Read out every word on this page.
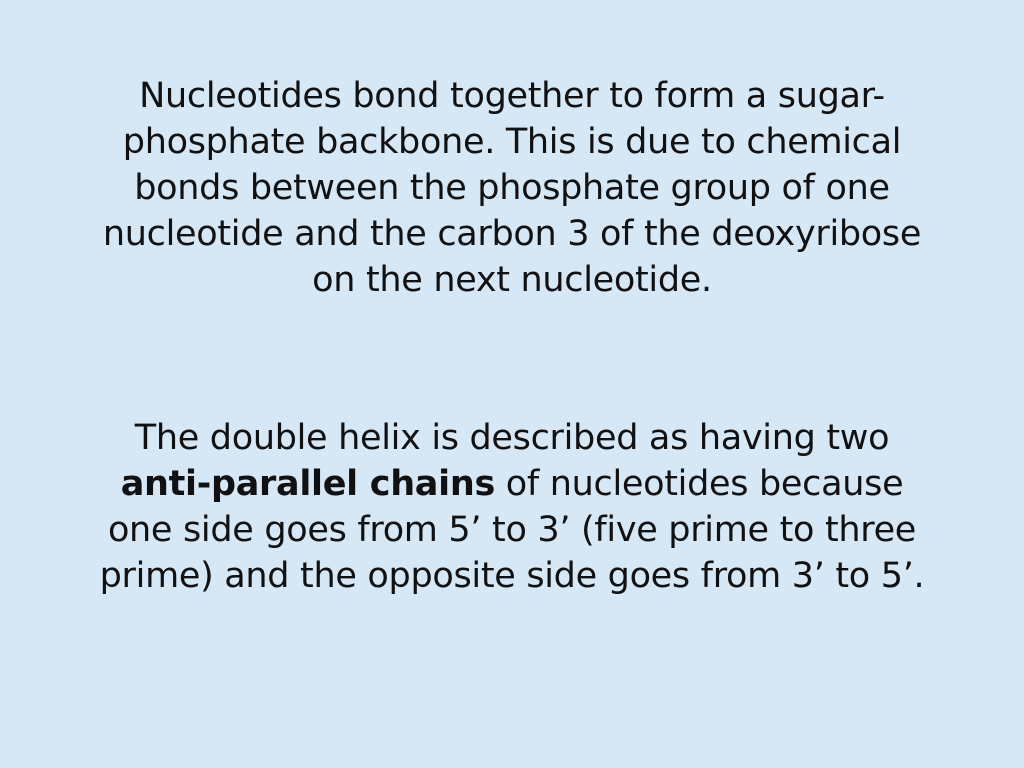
Nucleotides bond together to form a sugar-phosphate backbone. This is due to chemical bonds between the phosphate group of one nucleotide and the carbon 3 of the deoxyribose on the next nucleotide.
The double helix is described as having two anti-parallel chains of nucleotides because one side goes from 5’ to 3’ (five prime to three prime) and the opposite side goes from 3’ to 5’.
